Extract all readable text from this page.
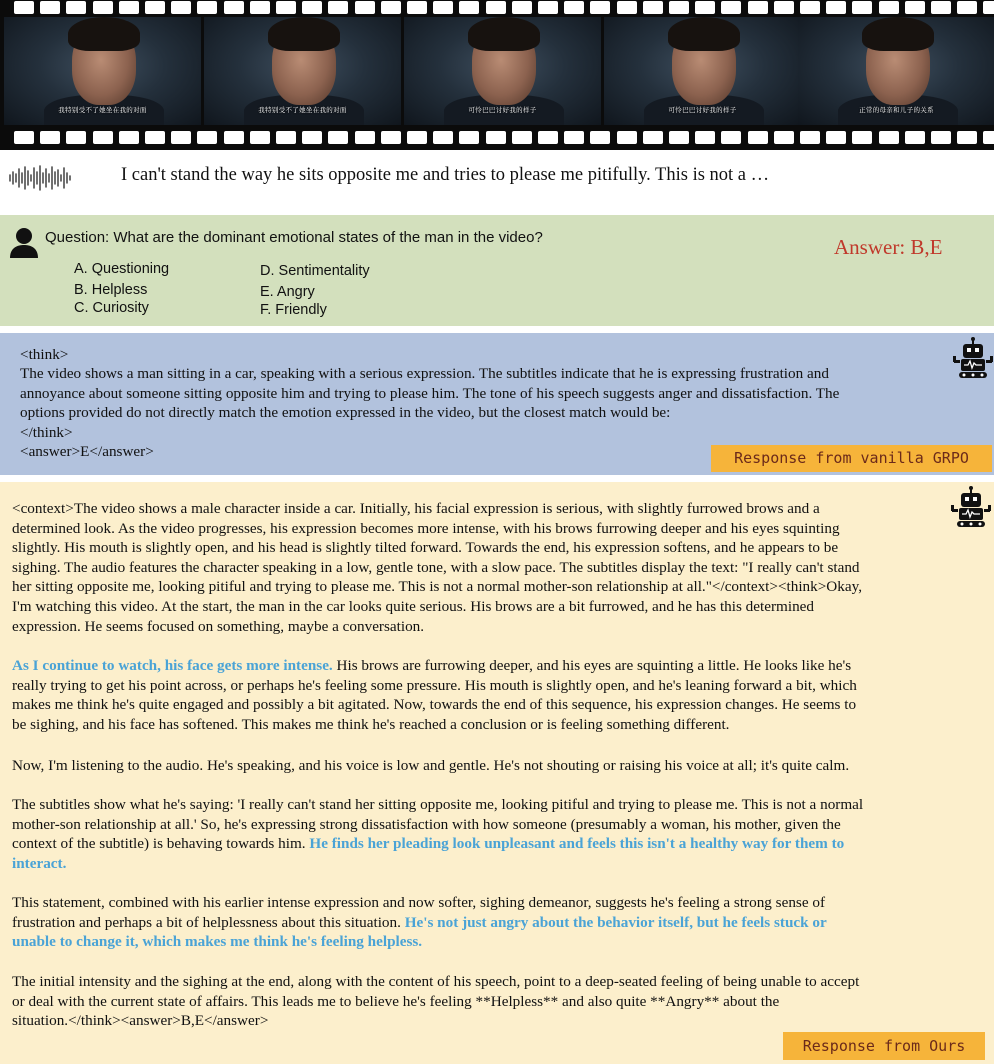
我特别受不了她坐在我的对面	我特别受不了她坐在我的对面	可怜巴巴讨好我的样子	可怜巴巴讨好我的样子	正常的母亲和儿子的关系
I can't stand the way he sits opposite me and tries to please me pitifully. This is not a …
Question: What are the dominant emotional states of the man in the video?
A. Questioning
B. Helpless
C. Curiosity
D. Sentimentality
E. Angry
F. Friendly
Answer: B,E
<think>
The video shows a man sitting in a car, speaking with a serious expression. The subtitles indicate that he is expressing frustration and
annoyance about someone sitting opposite him and trying to please him. The tone of his speech suggests anger and dissatisfaction. The
options provided do not directly match the emotion expressed in the video, but the closest match would be:
</think>
<answer>E</answer>	Response from vanilla GRPO
<context>The video shows a male character inside a car. Initially, his facial expression is serious, with slightly furrowed brows and a
determined look. As the video progresses, his expression becomes more intense, with his brows furrowing deeper and his eyes squinting
slightly. His mouth is slightly open, and his head is slightly tilted forward. Towards the end, his expression softens, and he appears to be
sighing. The audio features the character speaking in a low, gentle tone, with a slow pace. The subtitles display the text: "I really can't stand
her sitting opposite me, looking pitiful and trying to please me. This is not a normal mother-son relationship at all."</context><think>Okay,
I'm watching this video. At the start, the man in the car looks quite serious. His brows are a bit furrowed, and he has this determined
expression. He seems focused on something, maybe a conversation.
As I continue to watch, his face gets more intense. His brows are furrowing deeper, and his eyes are squinting a little. He looks like he's
really trying to get his point across, or perhaps he's feeling some pressure. His mouth is slightly open, and he's leaning forward a bit, which
makes me think he's quite engaged and possibly a bit agitated. Now, towards the end of this sequence, his expression changes. He seems to
be sighing, and his face has softened. This makes me think he's reached a conclusion or is feeling something different.
Now, I'm listening to the audio. He's speaking, and his voice is low and gentle. He's not shouting or raising his voice at all; it's quite calm.
The subtitles show what he's saying: 'I really can't stand her sitting opposite me, looking pitiful and trying to please me. This is not a normal
mother-son relationship at all.' So, he's expressing strong dissatisfaction with how someone (presumably a woman, his mother, given the
context of the subtitle) is behaving towards him. He finds her pleading look unpleasant and feels this isn't a healthy way for them to
interact.
This statement, combined with his earlier intense expression and now softer, sighing demeanor, suggests he's feeling a strong sense of
frustration and perhaps a bit of helplessness about this situation. He's not just angry about the behavior itself, but he feels stuck or
unable to change it, which makes me think he's feeling helpless.
The initial intensity and the sighing at the end, along with the content of his speech, point to a deep-seated feeling of being unable to accept
or deal with the current state of affairs. This leads me to believe he's feeling **Helpless** and also quite **Angry** about the
situation.</think><answer>B,E</answer>
Response from Ours
